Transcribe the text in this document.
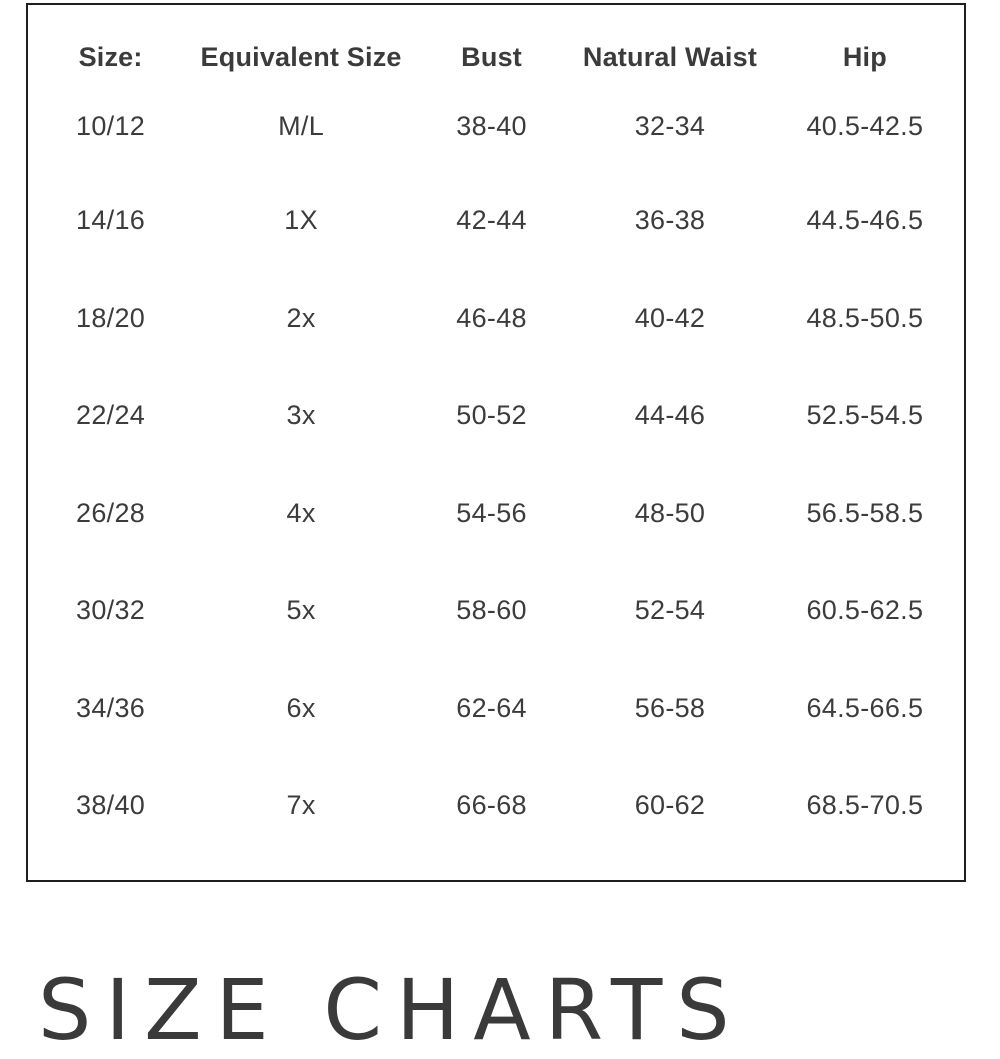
Size:	Equivalent Size	Bust	Natural Waist	Hip
10/12	M/L	38-40	32-34	40.5-42.5
14/16	1X	42-44	36-38	44.5-46.5
18/20	2x	46-48	40-42	48.5-50.5
22/24	3x	50-52	44-46	52.5-54.5
26/28	4x	54-56	48-50	56.5-58.5
30/32	5x	58-60	52-54	60.5-62.5
34/36	6x	62-64	56-58	64.5-66.5
38/40	7x	66-68	60-62	68.5-70.5
SIZE CHARTS
